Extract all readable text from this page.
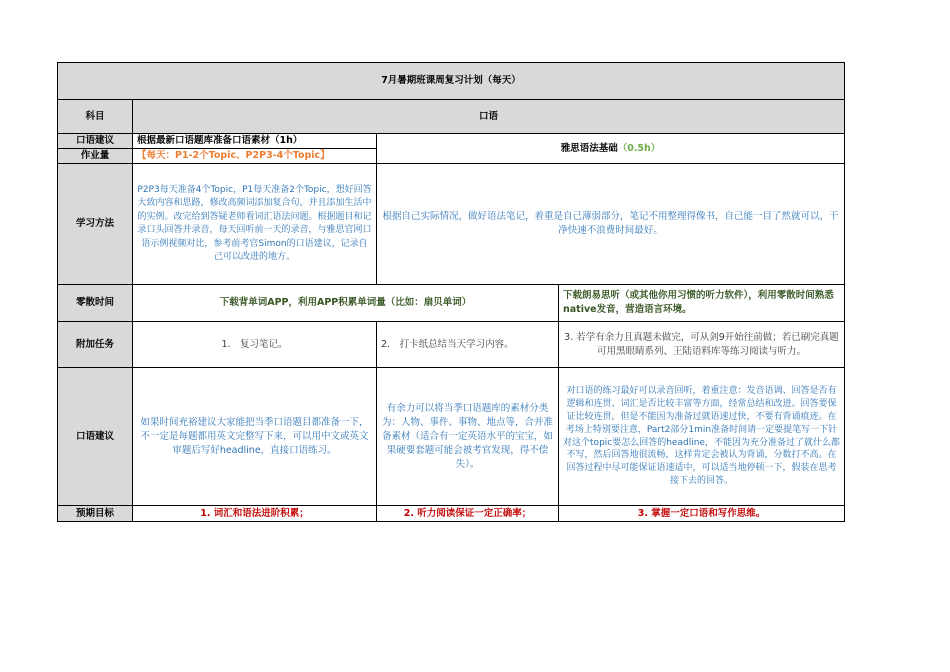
7月暑期班课周复习计划（每天）			
科目	口语		
口语建议	根据最新口语题库准备口语素材（1h）	雅思语法基础（0.5h）	
作业量	【每天：P1-2个Topic、P2P3-4个Topic】		
学习方法	P2P3每天准备4个Topic，P1每天准备2个Topic，想好回答大致内容和思路，修改高频词添加复合句，并且添加生活中的实例。改完给到答疑老师看词汇语法问题。根据题目和记录口头回答并录音，每天回听前一天的录音，与雅思官网口语示例视频对比，参考前考官Simon的口语建议，记录自己可以改进的地方。	根据自己实际情况，做好语法笔记，着重是自己薄弱部分，笔记不用整理得像书，自己能一目了然就可以，干净快速不浪费时间最好。	
零散时间	下载背单词APP，利用APP积累单词量（比如：扇贝单词）		下载朗易思听（或其他你用习惯的听力软件），利用零散时间熟悉native发音，营造语言环境。
附加任务	1.　复习笔记。	2.　打卡纸总结当天学习内容。	3. 若学有余力且真题未做完，可从剑9开始往前做；若已刷完真题可用黑眼睛系列、王陆语料库等练习阅读与听力。
口语建议	如果时间充裕建议大家能把当季口语题目都准备一下，不一定是每题都用英文完整写下来，可以用中文或英文审题后写好headline，直接口语练习。	有余力可以将当季口语题库的素材分类为：人物、事件、事物、地点等，合并准备素材（适合有一定英语水平的宝宝，如果硬要套题可能会被考官发现，得不偿失）。	对口语的练习最好可以录音回听，着重注意：发音语调、回答是否有逻辑和连贯、词汇是否比较丰富等方面，经常总结和改进。回答要保证比较连贯，但是不能因为准备过就语速过快，不要有背诵痕迹。在考场上特别要注意，Part2部分1min准备时间请一定要提笔写一下针对这个topic要怎么回答的headline，不能因为充分准备过了就什么都不写，然后回答地很流畅，这样肯定会被认为背诵，分数打不高。在回答过程中尽可能保证语速适中，可以适当地停顿一下，假装在思考接下去的回答。
预期目标	1. 词汇和语法进阶积累；	2. 听力阅读保证一定正确率；	3. 掌握一定口语和写作思维。
